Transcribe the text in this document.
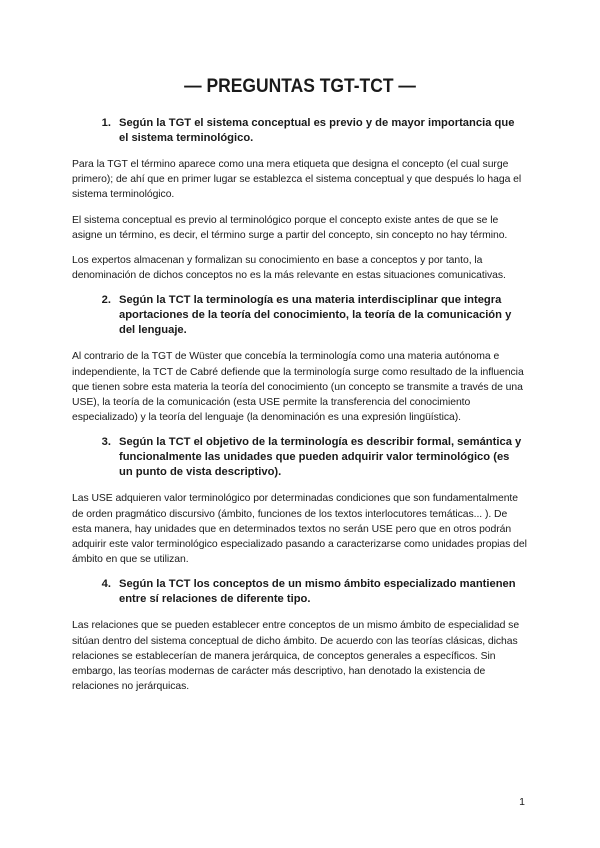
— PREGUNTAS TGT-TCT —
1. Según la TGT el sistema conceptual es previo y de mayor importancia que el sistema terminológico.

Para la TGT el término aparece como una mera etiqueta que designa el concepto (el cual surge primero); de ahí que en primer lugar se establezca el sistema conceptual y que después lo haga el sistema terminológico.

El sistema conceptual es previo al terminológico porque el concepto existe antes de que se le asigne un término, es decir, el término surge a partir del concepto, sin concepto no hay término.

Los expertos almacenan y formalizan su conocimiento en base a conceptos y por tanto, la denominación de dichos conceptos no es la más relevante en estas situaciones comunicativas.

2. Según la TCT la terminología es una materia interdisciplinar que integra aportaciones de la teoría del conocimiento, la teoría de la comunicación y del lenguaje.

Al contrario de la TGT de Wüster que concebía la terminología como una materia autónoma e independiente, la TCT de Cabré defiende que la terminología surge como resultado de la influencia que tienen sobre esta materia la teoría del conocimiento (un concepto se transmite a través de una USE), la teoría de la comunicación (esta USE permite la transferencia del conocimiento especializado) y la teoría del lenguaje (la denominación es una expresión lingüística).

3. Según la TCT el objetivo de la terminología es describir formal, semántica y funcionalmente las unidades que pueden adquirir valor terminológico (es un punto de vista descriptivo).

Las USE adquieren valor terminológico por determinadas condiciones que son fundamentalmente de orden pragmático discursivo (ámbito, funciones de los textos interlocutores temáticas... ). De esta manera, hay unidades que en determinados textos no serán USE pero que en otros podrán adquirir este valor terminológico especializado pasando a caracterizarse como unidades propias del ámbito en que se utilizan.

4. Según la TCT los conceptos de un mismo ámbito especializado mantienen entre sí relaciones de diferente tipo.

Las relaciones que se pueden establecer entre conceptos de un mismo ámbito de especialidad se sitúan dentro del sistema conceptual de dicho ámbito. De acuerdo con las teorías clásicas, dichas relaciones se establecerían de manera jerárquica, de conceptos generales a específicos. Sin embargo, las teorías modernas de carácter más descriptivo, han denotado la existencia de relaciones no jerárquicas.

1
